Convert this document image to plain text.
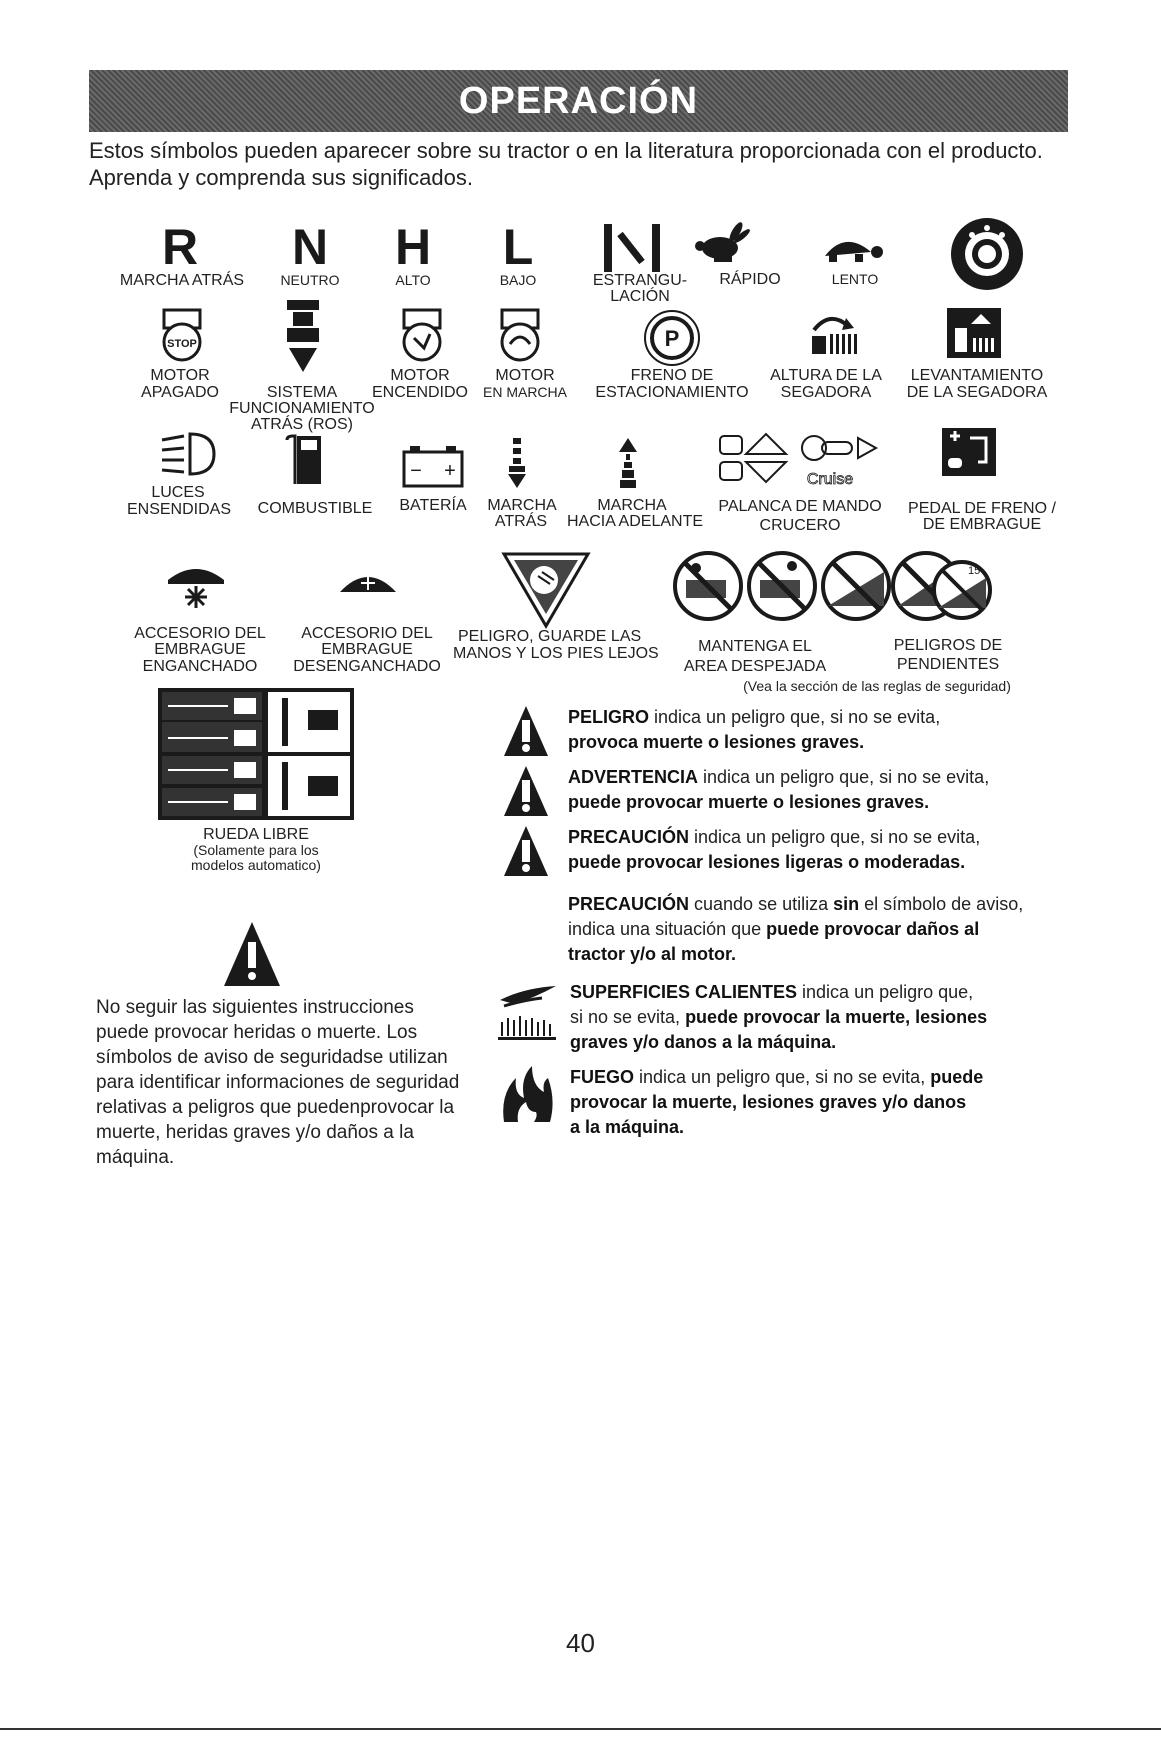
OPERACIÓN
Estos símbolos pueden aparecer sobre su tractor o en la literatura proporcionada con el producto.
Aprenda y comprenda sus significados.
R	N	H	L
MARCHA ATRÁS	NEUTRO	ALTO	BAJO	ESTRANGU-
LACIÓN
RÁPIDO	LENTO
STOP	P
MOTOR
APAGADO	SISTEMA
FUNCIONAMIENTO
ATRÁS (ROS)
MOTOR
ENCENDIDO
MOTOR
EN MARCHA
FRENO DE
ESTACIONAMIENTO
ALTURA DE LA
SEGADORA
LEVANTAMIENTO
DE LA SEGADORA
− +	Cruise
LUCES
ENSENDIDAS	COMBUSTIBLE	BATERÍA	MARCHA
ATRÁS
MARCHA
HACIA ADELANTE
PALANCA DE MANDO
CRUCERO
PEDAL DE FRENO /
DE EMBRAGUE
15
ACCESORIO DEL
EMBRAGUE
ENGANCHADO
ACCESORIO DEL
EMBRAGUE
DESENGANCHADO
PELIGRO, GUARDE LAS
MANOS Y LOS PIES LEJOS	MANTENGA EL
AREA DESPEJADA
PELIGROS DE
PENDIENTES
(Vea la sección de las reglas de seguridad)
RUEDA LIBRE
(Solamente para los
modelos automatico)
No seguir las siguientes instrucciones
puede provocar heridas o muerte. Los
símbolos de aviso de seguridadse utilizan
para identificar informaciones de seguridad
relativas a peligros que puedenprovocar la
muerte, heridas graves y/o daños a la
máquina.

PELIGRO indica un peligro que, si no se evita,

provoca muerte o lesiones graves.

ADVERTENCIA indica un peligro que, si no se evita,

puede provocar muerte o lesiones graves.

PRECAUCIÓN indica un peligro que, si no se evita,

puede provocar lesiones ligeras o moderadas.

PRECAUCIÓN cuando se utiliza sin el símbolo de aviso,

indica una situación que puede provocar daños al

tractor y/o al motor.

SUPERFICIES CALIENTES indica un peligro que,

si no se evita, puede provocar la muerte, lesiones

graves y/o danos a la máquina.

FUEGO indica un peligro que, si no se evita, puede

provocar la muerte, lesiones graves y/o danos

a la máquina.

40
